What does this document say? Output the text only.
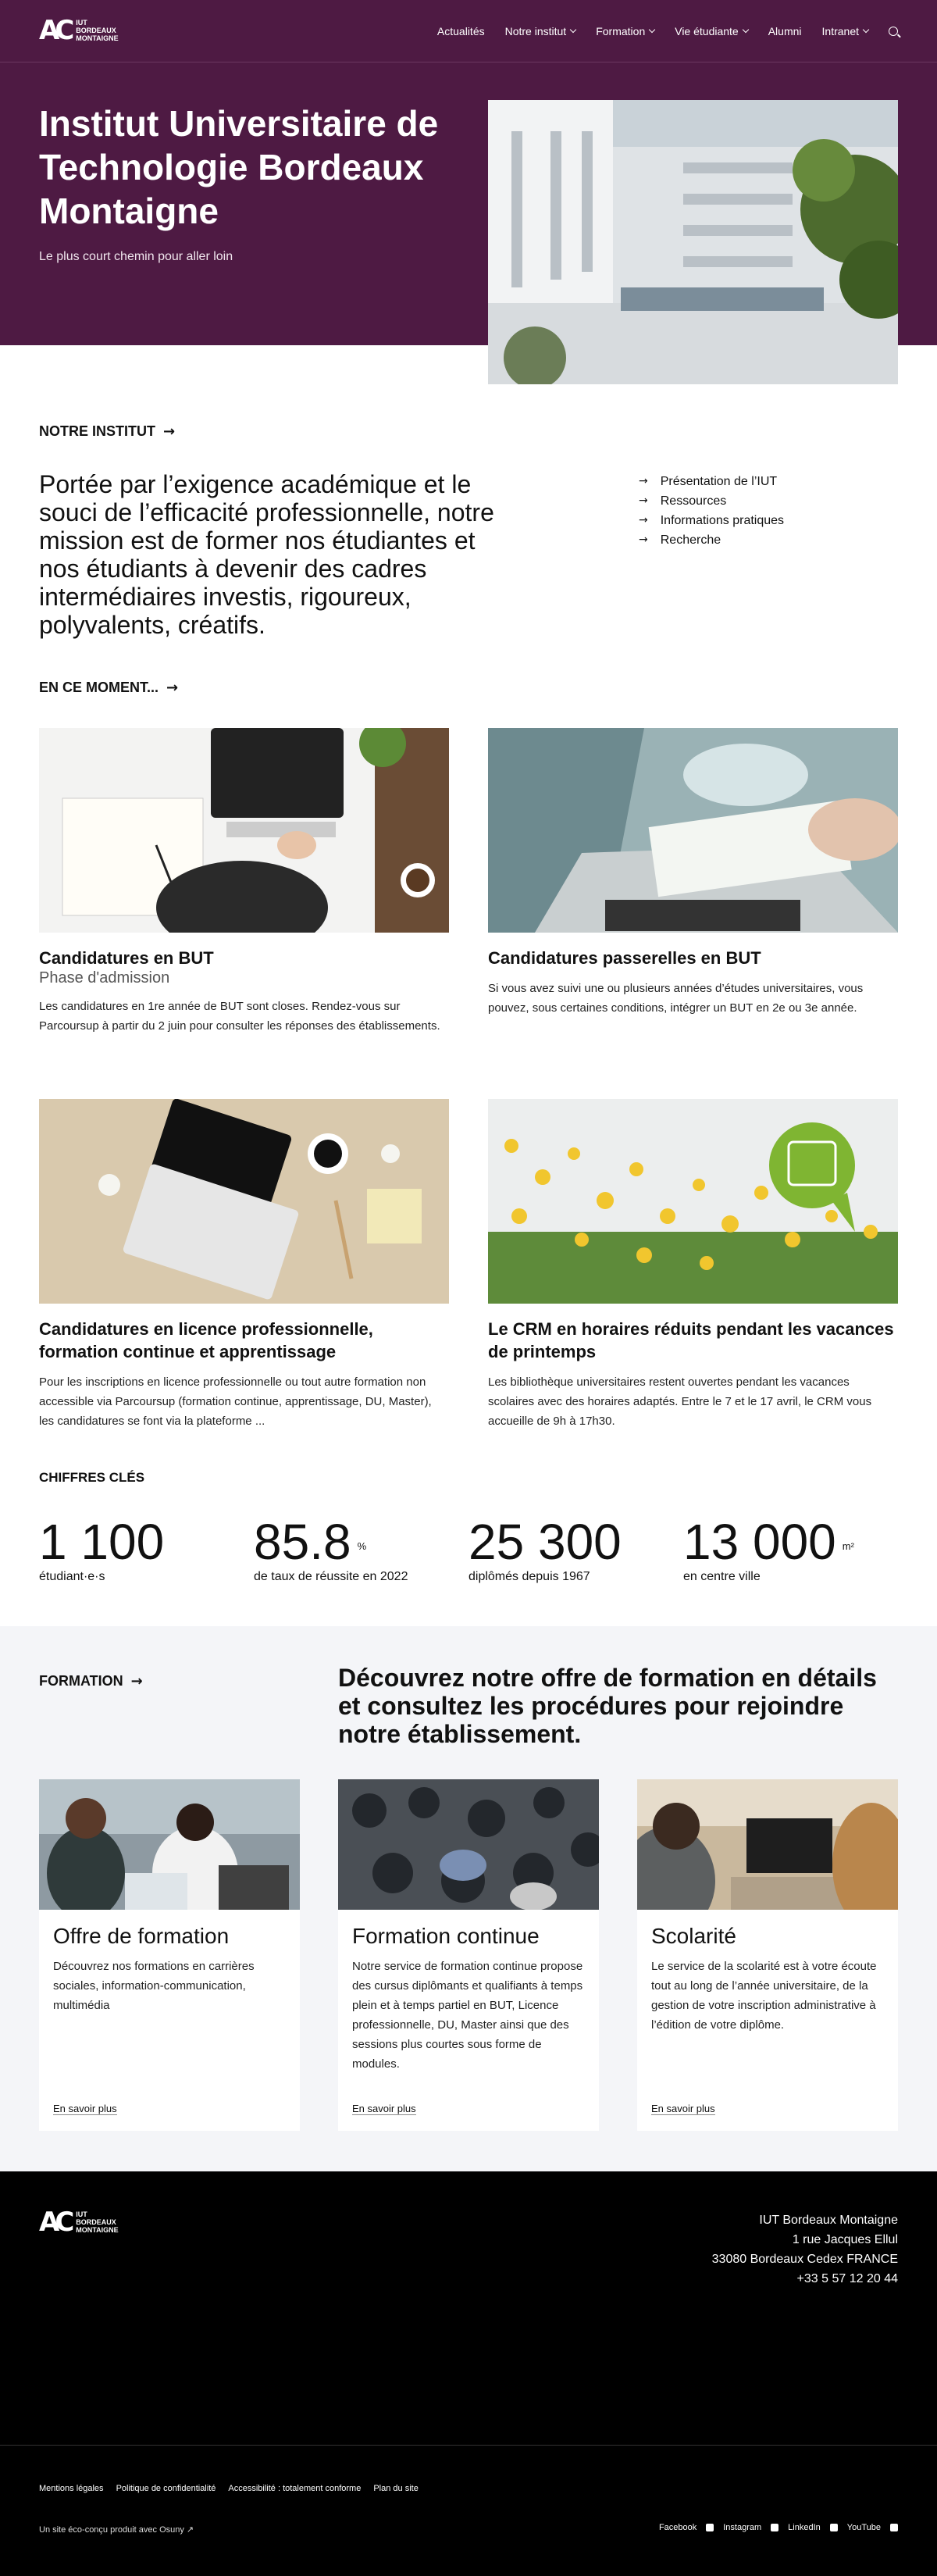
AC IUT
BORDEAUX
MONTAIGNE
Actualités Notre institut	Formation	Vie étudiante	Alumni Intranet
Institut Universitaire de Technologie Bordeaux Montaigne

Le plus court chemin pour aller loin

NOTRE INSTITUT →
Portée par l’exigence académique et le souci de l’efficacité professionnelle, notre mission est de former nos étudiantes et nos étudiants à devenir des cadres intermédiaires investis, rigoureux, polyvalents, créatifs.
→ Présentation de l’IUT
→ Ressources
→ Informations pratiques
→ Recherche
EN CE MOMENT... →
Candidatures en BUT
Phase d'admission

Les candidatures en 1re année de BUT sont closes. Rendez-vous sur Parcoursup à partir du 2 juin pour consulter les réponses des établissements.

Candidatures passerelles en BUT

Si vous avez suivi une ou plusieurs années d’études universitaires, vous pouvez, sous certaines conditions, intégrer un BUT en 2e ou 3e année.

Candidatures en licence professionnelle, formation continue et apprentissage

Pour les inscriptions en licence professionnelle ou tout autre formation non accessible via Parcoursup (formation continue, apprentissage, DU, Master), les candidatures se font via la plateforme ...

Le CRM en horaires réduits pendant les vacances de printemps

Les bibliothèque universitaires restent ouvertes pendant les vacances scolaires avec des horaires adaptés. Entre le 7 et le 17 avril, le CRM vous accueille de 9h à 17h30.

CHIFFRES CLÉS
1 100
étudiant·e·s
85.8 %
de taux de réussite en 2022
25 300
diplômés depuis 1967
13 000 $^{m^2}$
en centre ville
FORMATION →	Découvrez notre offre de formation en détails et consultez les procédures pour rejoindre notre établissement.
Offre de formation

Découvrez nos formations en carrières sociales, information-communication, multimédia

En savoir plus
Formation continue

Notre service de formation continue propose des cursus diplômants et qualifiants à temps plein et à temps partiel en BUT, Licence professionnelle, DU, Master ainsi que des sessions plus courtes sous forme de modules.

En savoir plus
Scolarité

Le service de la scolarité est à votre écoute tout au long de l’année universitaire, de la gestion de votre inscription administrative à l’édition de votre diplôme.

En savoir plus
AC IUT
BORDEAUX
MONTAIGNE
IUT Bordeaux Montaigne
1 rue Jacques Ellul
33080 Bordeaux Cedex FRANCE
+33 5 57 12 20 44
Mentions légales Politique de confidentialité Accessibilité : totalement conforme Plan du site
Un site éco-conçu produit avec Osuny ↗	Facebook	Instagram	LinkedIn	YouTube
